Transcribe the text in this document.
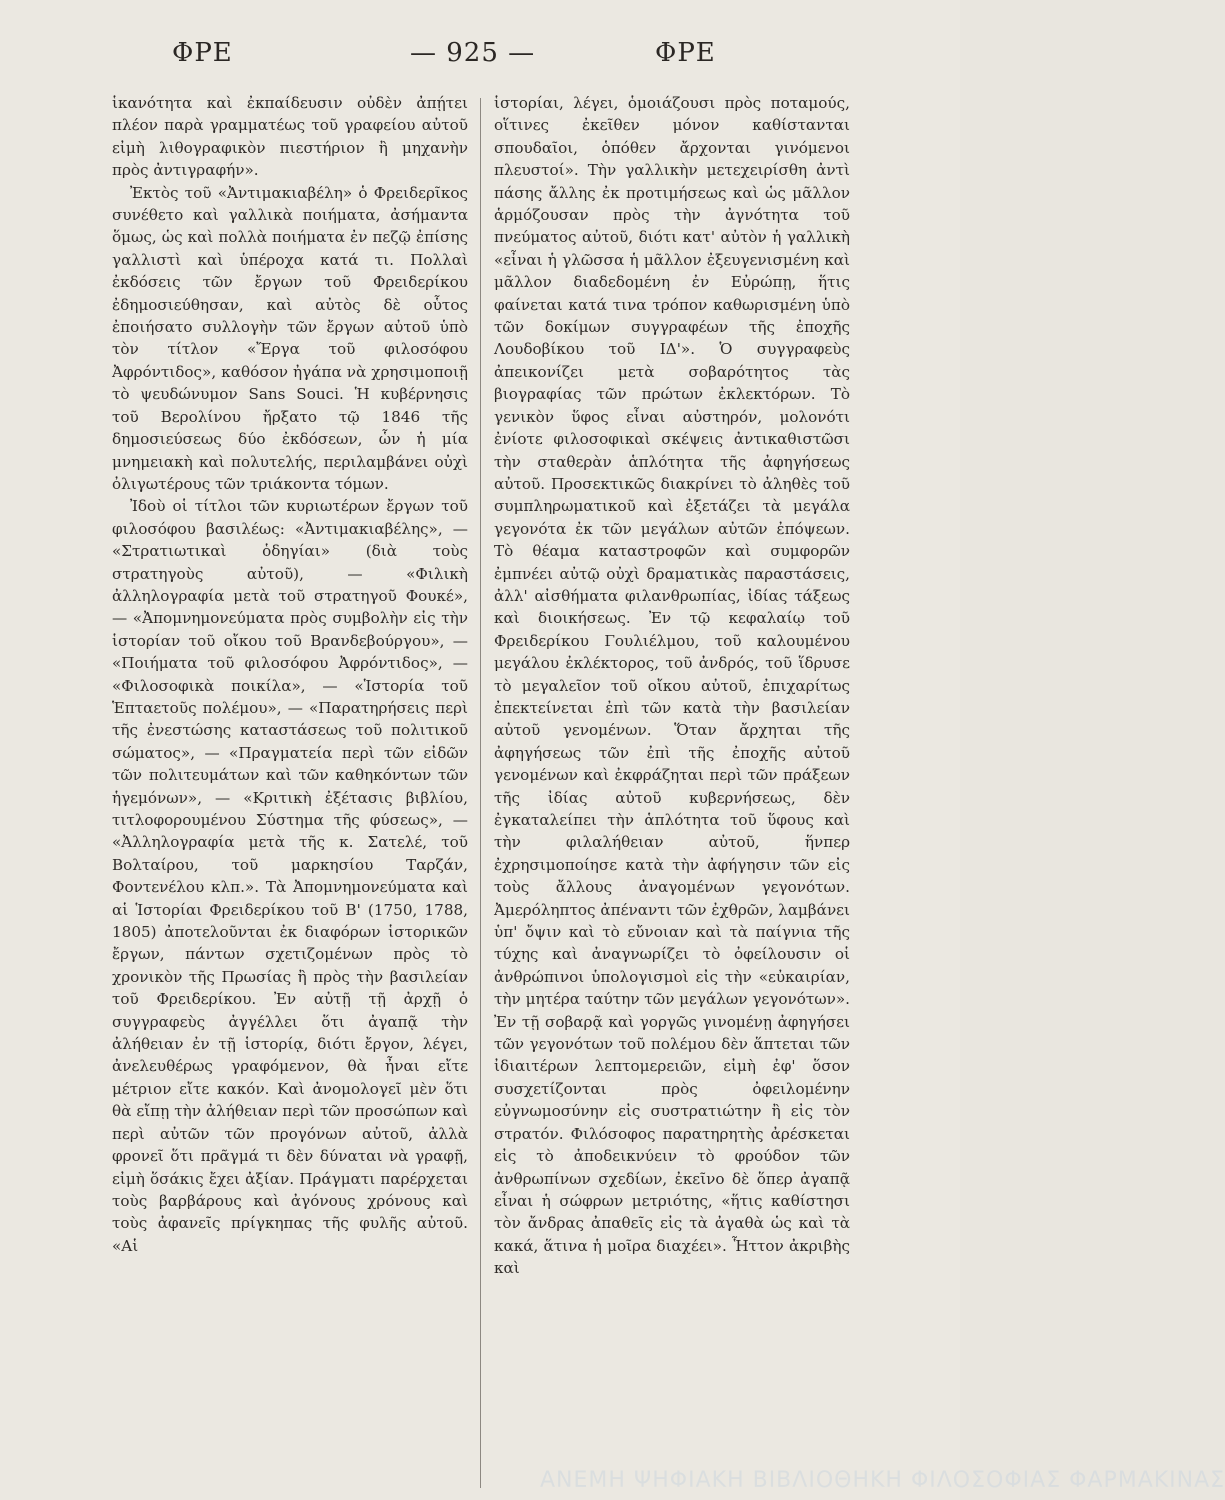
ΦΡΕ	— 925 —	ΦΡΕ

ἱκανότητα καὶ ἐκπαίδευσιν οὐδὲν ἀπῄτει πλέον παρὰ γραμματέως τοῦ γραφείου αὐτοῦ εἰμὴ λιθογραφικὸν πιεστήριον ἢ μηχανὴν πρὸς ἀντιγραφήν».

Ἐκτὸς τοῦ «Ἀντιμακιαβέλη» ὁ Φρειδερῖκος συνέθετο καὶ γαλλικὰ ποιήματα, ἀσήμαντα ὅμως, ὡς καὶ πολλὰ ποιήματα ἐν πεζῷ ἐπίσης γαλλιστὶ καὶ ὑπέροχα κατά τι. Πολλαὶ ἐκδόσεις τῶν ἔργων τοῦ Φρειδερίκου ἐδημοσιεύθησαν, καὶ αὐτὸς δὲ οὗτος ἐποιήσατο συλλογὴν τῶν ἔργων αὐτοῦ ὑπὸ τὸν τίτλον «Ἔργα τοῦ φιλοσόφου Ἀφρόντιδος», καθόσον ἠγάπα νὰ χρησιμοποιῇ τὸ ψευδώνυμον Sans Souci. Ἡ κυβέρνησις τοῦ Βερολίνου ἤρξατο τῷ 1846 τῆς δημοσιεύσεως δύο ἐκδόσεων, ὧν ἡ μία μνημειακὴ καὶ πολυτελής, περιλαμβάνει οὐχὶ ὀλιγωτέρους τῶν τριάκοντα τόμων.

Ἰδοὺ οἱ τίτλοι τῶν κυριωτέρων ἔργων τοῦ φιλοσόφου βασιλέως: «Ἀντιμακιαβέλης», — «Στρατιωτικαὶ ὁδηγίαι» (διὰ τοὺς στρατηγοὺς αὐτοῦ), — «Φιλικὴ ἀλληλογραφία μετὰ τοῦ στρατηγοῦ Φουκέ», — «Ἀπομνημονεύματα πρὸς συμβολὴν εἰς τὴν ἱστορίαν τοῦ οἴκου τοῦ Βρανδεβούργου», — «Ποιήματα τοῦ φιλοσόφου Ἀφρόντιδος», — «Φιλοσοφικὰ ποικίλα», — «Ἱστορία τοῦ Ἑπταετοῦς πολέμου», — «Παρατηρήσεις περὶ τῆς ἐνεστώσης καταστάσεως τοῦ πολιτικοῦ σώματος», — «Πραγματεία περὶ τῶν εἰδῶν τῶν πολιτευμάτων καὶ τῶν καθηκόντων τῶν ἡγεμόνων», — «Κριτικὴ ἐξέτασις βιβλίου, τιτλοφορουμένου Σύστημα τῆς φύσεως», — «Ἀλληλογραφία μετὰ τῆς κ. Σατελέ, τοῦ Βολταίρου, τοῦ μαρκησίου Ταρζάν, Φοντενέλου κλπ.». Τὰ Ἀπομνημονεύματα καὶ αἱ Ἱστορίαι Φρειδερίκου τοῦ Β' (1750, 1788, 1805) ἀποτελοῦνται ἐκ διαφόρων ἱστορικῶν ἔργων, πάντων σχετιζομένων πρὸς τὸ χρονικὸν τῆς Πρωσίας ἢ πρὸς τὴν βασιλείαν τοῦ Φρειδερίκου. Ἐν αὐτῇ τῇ ἀρχῇ ὁ συγγραφεὺς ἀγγέλλει ὅτι ἀγαπᾷ τὴν ἀλήθειαν ἐν τῇ ἱστορίᾳ, διότι ἔργον, λέγει, ἀνελευθέρως γραφόμενον, θὰ ἦναι εἴτε μέτριον εἴτε κακόν. Καὶ ἀνομολογεῖ μὲν ὅτι θὰ εἴπῃ τὴν ἀλήθειαν περὶ τῶν προσώπων καὶ περὶ αὐτῶν τῶν προγόνων αὐτοῦ, ἀλλὰ φρονεῖ ὅτι πρᾶγμά τι δὲν δύναται νὰ γραφῇ, εἰμὴ ὅσάκις ἔχει ἀξίαν. Πράγματι παρέρχεται τοὺς βαρβάρους καὶ ἀγόνους χρόνους καὶ τοὺς ἀφανεῖς πρίγκηπας τῆς φυλῆς αὐτοῦ. «Αἱ

ἱστορίαι, λέγει, ὁμοιάζουσι πρὸς ποταμούς, οἵτινες ἐκεῖθεν μόνον καθίστανται σπουδαῖοι, ὁπόθεν ἄρχονται γινόμενοι πλευστοί». Τὴν γαλλικὴν μετεχειρίσθη ἀντὶ πάσης ἄλλης ἐκ προτιμήσεως καὶ ὡς μᾶλλον ἁρμόζουσαν πρὸς τὴν ἀγνότητα τοῦ πνεύματος αὐτοῦ, διότι κατ' αὐτὸν ἡ γαλλικὴ «εἶναι ἡ γλῶσσα ἡ μᾶλλον ἐξευγενισμένη καὶ μᾶλλον διαδεδομένη ἐν Εὐρώπῃ, ἥτις φαίνεται κατά τινα τρόπον καθωρισμένη ὑπὸ τῶν δοκίμων συγγραφέων τῆς ἐποχῆς Λουδοβίκου τοῦ ΙΔ'». Ὁ συγγραφεὺς ἀπεικονίζει μετὰ σοβαρότητος τὰς βιογραφίας τῶν πρώτων ἐκλεκτόρων. Τὸ γενικὸν ὕφος εἶναι αὐστηρόν, μολονότι ἐνίοτε φιλοσοφικαὶ σκέψεις ἀντικαθιστῶσι τὴν σταθερὰν ἁπλότητα τῆς ἀφηγήσεως αὐτοῦ. Προσεκτικῶς διακρίνει τὸ ἀληθὲς τοῦ συμπληρωματικοῦ καὶ ἐξετάζει τὰ μεγάλα γεγονότα ἐκ τῶν μεγάλων αὐτῶν ἐπόψεων. Τὸ θέαμα καταστροφῶν καὶ συμφορῶν ἐμπνέει αὐτῷ οὐχὶ δραματικὰς παραστάσεις, ἀλλ' αἰσθήματα φιλανθρωπίας, ἰδίας τάξεως καὶ διοικήσεως. Ἐν τῷ κεφαλαίῳ τοῦ Φρειδερίκου Γουλιέλμου, τοῦ καλουμένου μεγάλου ἐκλέκτορος, τοῦ ἀνδρός, τοῦ ἵδρυσε τὸ μεγαλεῖον τοῦ οἴκου αὐτοῦ, ἐπιχαρίτως ἐπεκτείνεται ἐπὶ τῶν κατὰ τὴν βασιλείαν αὐτοῦ γενομένων. Ὅταν ἄρχηται τῆς ἀφηγήσεως τῶν ἐπὶ τῆς ἐποχῆς αὐτοῦ γενομένων καὶ ἐκφράζηται περὶ τῶν πράξεων τῆς ἰδίας αὐτοῦ κυβερνήσεως, δὲν ἐγκαταλείπει τὴν ἁπλότητα τοῦ ὕφους καὶ τὴν φιλαλήθειαν αὐτοῦ, ἥνπερ ἐχρησιμοποίησε κατὰ τὴν ἀφήγησιν τῶν εἰς τοὺς ἄλλους ἀναγομένων γεγονότων. Ἀμερόληπτος ἀπέναντι τῶν ἐχθρῶν, λαμβάνει ὑπ' ὄψιν καὶ τὸ εὔνοιαν καὶ τὰ παίγνια τῆς τύχης καὶ ἀναγνωρίζει τὸ ὀφείλουσιν οἱ ἀνθρώπινοι ὑπολογισμοὶ εἰς τὴν «εὐκαιρίαν, τὴν μητέρα ταύτην τῶν μεγάλων γεγονότων». Ἐν τῇ σοβαρᾷ καὶ γοργῶς γινομένῃ ἀφηγήσει τῶν γεγονότων τοῦ πολέμου δὲν ἅπτεται τῶν ἰδιαιτέρων λεπτομερειῶν, εἰμὴ ἐφ' ὅσον συσχετίζονται πρὸς ὀφειλομένην εὐγνωμοσύνην εἰς συστρατιώτην ἢ εἰς τὸν στρατόν. Φιλόσοφος παρατηρητὴς ἀρέσκεται εἰς τὸ ἀποδεικνύειν τὸ φρούδον τῶν ἀνθρωπίνων σχεδίων, ἐκεῖνο δὲ ὅπερ ἀγαπᾷ εἶναι ἡ σώφρων μετριότης, «ἥτις καθίστησι τὸν ἄνδρας ἀπαθεῖς εἰς τὰ ἀγαθὰ ὡς καὶ τὰ κακά, ἅτινα ἡ μοῖρα διαχέει». Ἧττον ἀκριβὴς καὶ

ΑΝΕΜΗ ΨΗΦΙΑΚΗ ΒΙΒΛΙΟΘΗΚΗ ΦΙΛΟΣΟΦΙΑΣ ΦΑΡΜΑΚΙΝΑΣ
